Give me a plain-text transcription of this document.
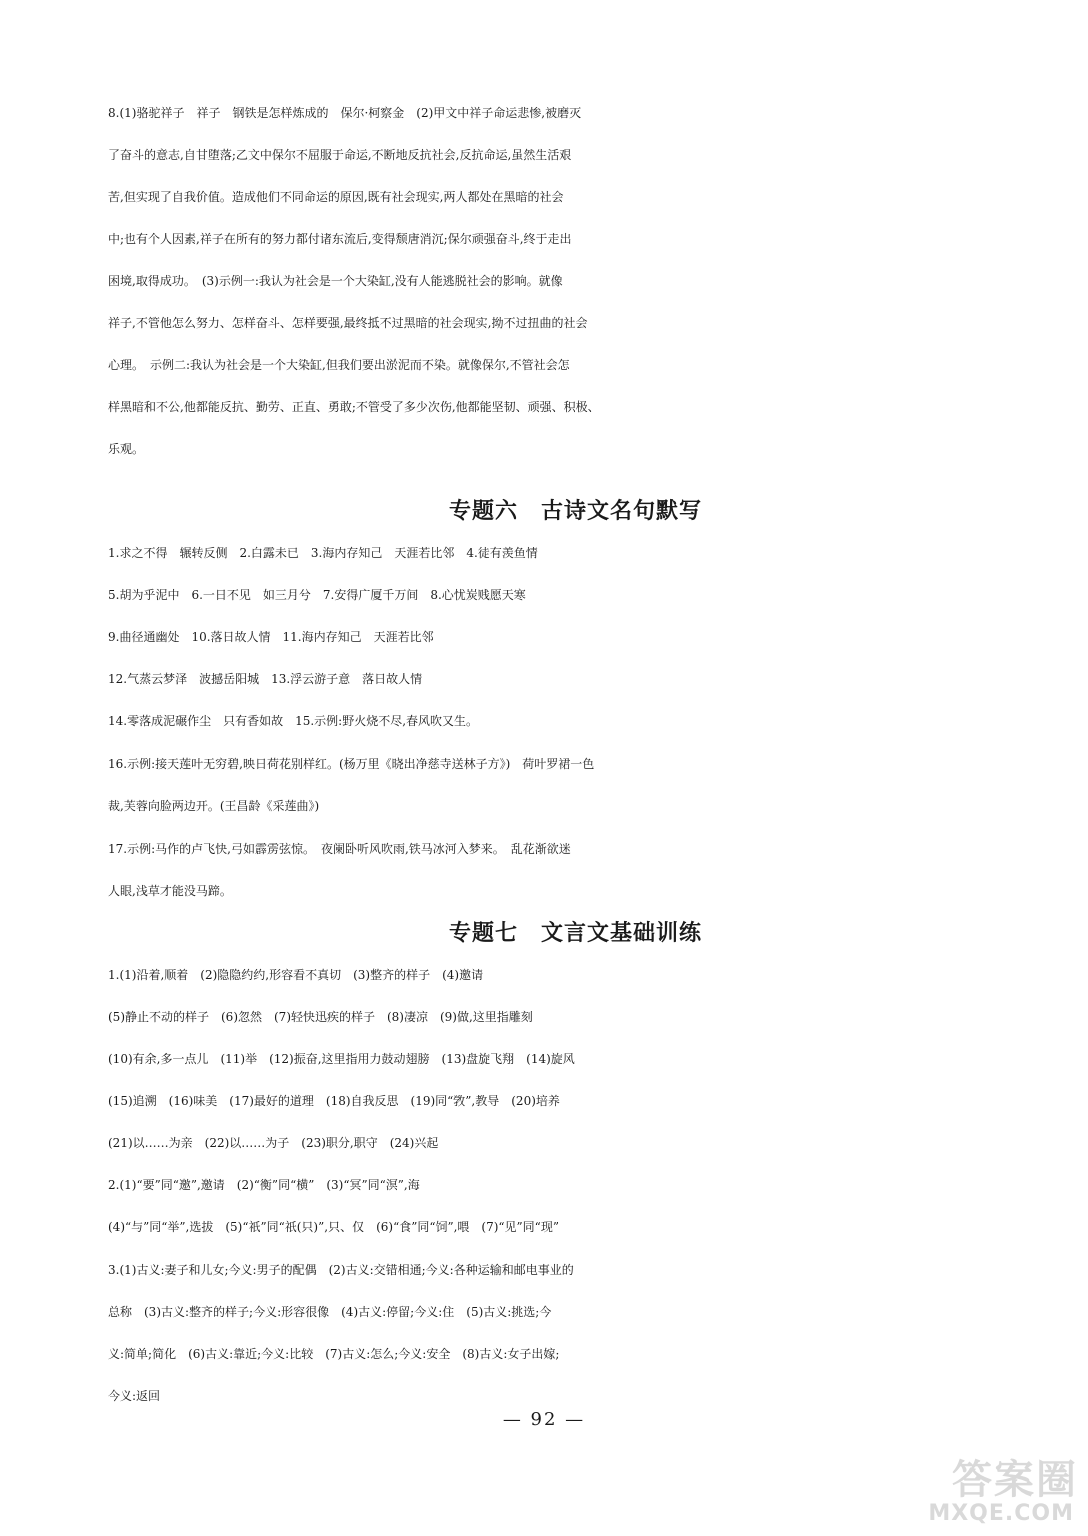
8.(1)骆驼祥子　祥子　钢铁是怎样炼成的　保尔·柯察金　(2)甲文中祥子命运悲惨,被磨灭
了奋斗的意志,自甘堕落;乙文中保尔不屈服于命运,不断地反抗社会,反抗命运,虽然生活艰
苦,但实现了自我价值。造成他们不同命运的原因,既有社会现实,两人都处在黑暗的社会
中;也有个人因素,祥子在所有的努力都付诸东流后,变得颓唐消沉;保尔顽强奋斗,终于走出
困境,取得成功。　(3)示例一:我认为社会是一个大染缸,没有人能逃脱社会的影响。就像
祥子,不管他怎么努力、怎样奋斗、怎样要强,最终抵不过黑暗的社会现实,拗不过扭曲的社会
心理。　示例二:我认为社会是一个大染缸,但我们要出淤泥而不染。就像保尔,不管社会怎
样黑暗和不公,他都能反抗、勤劳、正直、勇敢;不管受了多少次伤,他都能坚韧、顽强、积极、
乐观。
专题六　古诗文名句默写
1.求之不得　辗转反侧　2.白露未已　3.海内存知己　天涯若比邻　4.徒有羡鱼情
5.胡为乎泥中　6.一日不见　如三月兮　7.安得广厦千万间　8.心忧炭贱愿天寒
9.曲径通幽处　10.落日故人情　11.海内存知己　天涯若比邻
12.气蒸云梦泽　波撼岳阳城　13.浮云游子意　落日故人情
14.零落成泥碾作尘　只有香如故　15.示例:野火烧不尽,春风吹又生。
16.示例:接天莲叶无穷碧,映日荷花别样红。(杨万里《晓出净慈寺送林子方》)　荷叶罗裙一色
裁,芙蓉向脸两边开。(王昌龄《采莲曲》)
17.示例:马作的卢飞快,弓如霹雳弦惊。　夜阑卧听风吹雨,铁马冰河入梦来。　乱花渐欲迷
人眼,浅草才能没马蹄。
专题七　文言文基础训练
1.(1)沿着,顺着　(2)隐隐约约,形容看不真切　(3)整齐的样子　(4)邀请
(5)静止不动的样子　(6)忽然　(7)轻快迅疾的样子　(8)凄凉　(9)做,这里指雕刻
(10)有余,多一点儿　(11)举　(12)振奋,这里指用力鼓动翅膀　(13)盘旋飞翔　(14)旋风
(15)追溯　(16)味美　(17)最好的道理　(18)自我反思　(19)同“敩”,教导　(20)培养
(21)以……为亲　(22)以……为子　(23)职分,职守　(24)兴起
2.(1)“要”同“邀”,邀请　(2)“衡”同“横”　(3)“冥”同“溟”,海
(4)“与”同“举”,选拔　(5)“祇”同“祇(只)”,只、仅　(6)“食”同“饲”,喂　(7)“见”同“现”
3.(1)古义:妻子和儿女;今义:男子的配偶　(2)古义:交错相通;今义:各种运输和邮电事业的
总称　(3)古义:整齐的样子;今义:形容很像　(4)古义:停留;今义:住　(5)古义:挑选;今
义:简单;简化　(6)古义:靠近;今义:比较　(7)古义:怎么;今义:安全　(8)古义:女子出嫁;
今义:返回
— 92 —
答案圈
MXQE.COM
